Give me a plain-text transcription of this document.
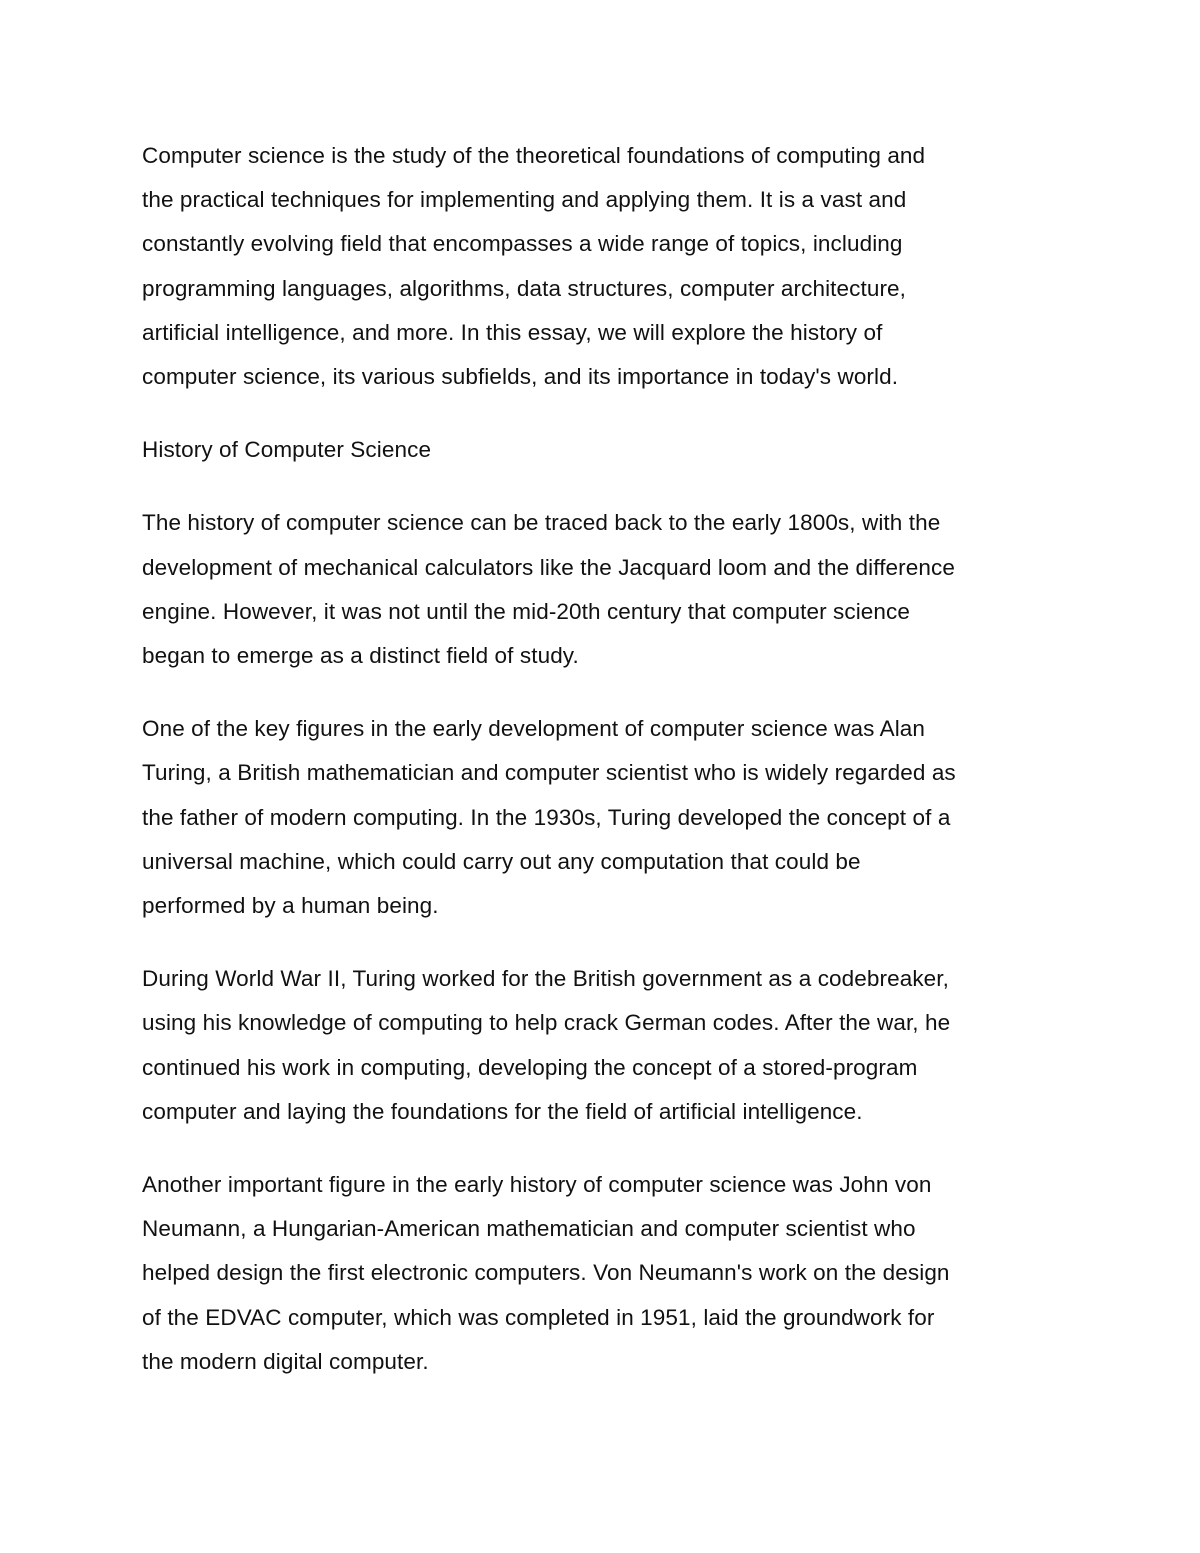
Computer science is the study of the theoretical foundations of computing and
the practical techniques for implementing and applying them. It is a vast and
constantly evolving field that encompasses a wide range of topics, including
programming languages, algorithms, data structures, computer architecture,
artificial intelligence, and more. In this essay, we will explore the history of
computer science, its various subfields, and its importance in today's world.

History of Computer Science

The history of computer science can be traced back to the early 1800s, with the
development of mechanical calculators like the Jacquard loom and the difference
engine. However, it was not until the mid-20th century that computer science
began to emerge as a distinct field of study.

One of the key figures in the early development of computer science was Alan
Turing, a British mathematician and computer scientist who is widely regarded as
the father of modern computing. In the 1930s, Turing developed the concept of a
universal machine, which could carry out any computation that could be
performed by a human being.

During World War II, Turing worked for the British government as a codebreaker,
using his knowledge of computing to help crack German codes. After the war, he
continued his work in computing, developing the concept of a stored-program
computer and laying the foundations for the field of artificial intelligence.

Another important figure in the early history of computer science was John von
Neumann, a Hungarian-American mathematician and computer scientist who
helped design the first electronic computers. Von Neumann's work on the design
of the EDVAC computer, which was completed in 1951, laid the groundwork for
the modern digital computer.
